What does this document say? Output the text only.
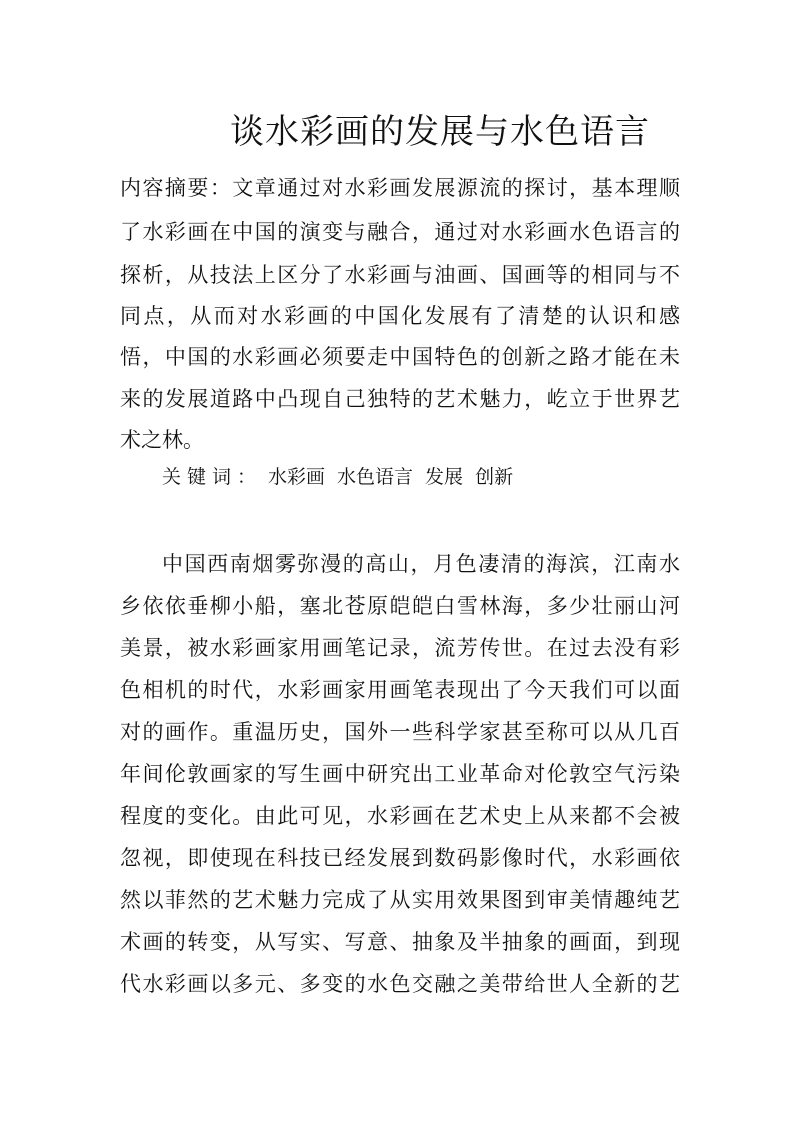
谈水彩画的发展与水色语言
内容摘要：文章通过对水彩画发展源流的探讨，基本理顺
了水彩画在中国的演变与融合，通过对水彩画水色语言的
探析，从技法上区分了水彩画与油画、国画等的相同与不
同点，从而对水彩画的中国化发展有了清楚的认识和感
悟，中国的水彩画必须要走中国特色的创新之路才能在未
来的发展道路中凸现自己独特的艺术魅力，屹立于世界艺
术之林。
关键词： 水彩画 水色语言 发展 创新
中国西南烟雾弥漫的高山，月色凄清的海滨，江南水
乡依依垂柳小船，塞北苍原皑皑白雪林海，多少壮丽山河
美景，被水彩画家用画笔记录，流芳传世。在过去没有彩
色相机的时代，水彩画家用画笔表现出了今天我们可以面
对的画作。重温历史，国外一些科学家甚至称可以从几百
年间伦敦画家的写生画中研究出工业革命对伦敦空气污染
程度的变化。由此可见，水彩画在艺术史上从来都不会被
忽视，即使现在科技已经发展到数码影像时代，水彩画依
然以菲然的艺术魅力完成了从实用效果图到审美情趣纯艺
术画的转变，从写实、写意、抽象及半抽象的画面，到现
代水彩画以多元、多变的水色交融之美带给世人全新的艺
